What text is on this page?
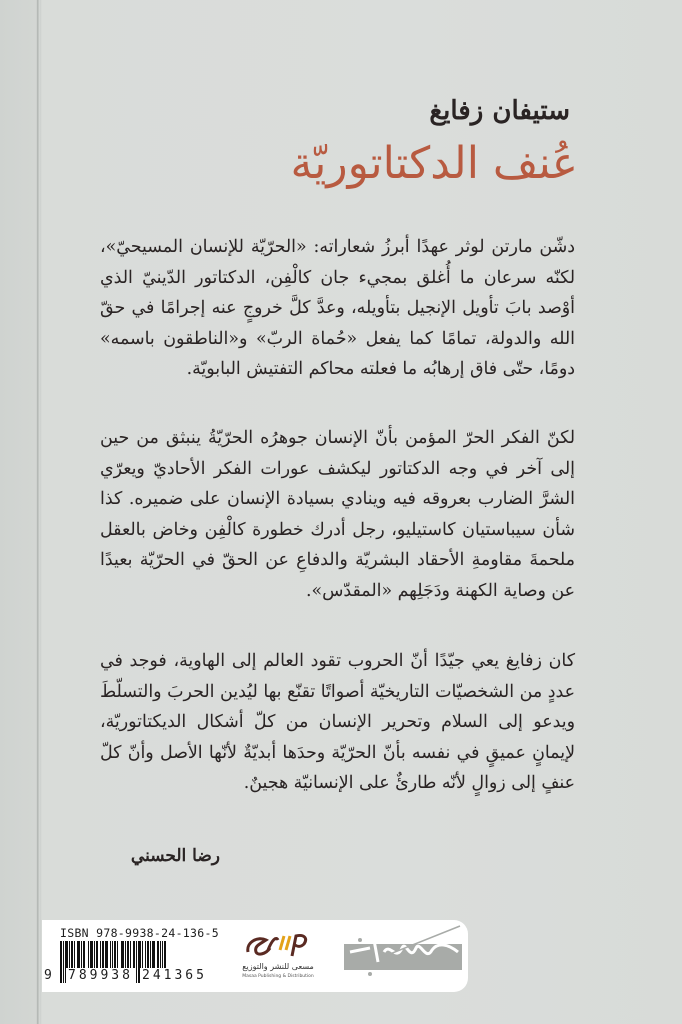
ستيفان زفايغ
عُنف الدكتاتوريّة

دشّن مارتن لوثر عهدًا أبرزُ شعاراته: «الحرّيّة للإنسان المسيحيّ»، لكنّه سرعان ما أُغلق بمجيء جان كالْفِن، الدكتاتور الدّينيّ الذي أوْصد بابَ تأويل الإنجيل بتأويله، وعدَّ كلَّ خروجٍ عنه إجرامًا في حقّ الله والدولة، تمامًا كما يفعل «حُماة الربّ» و«الناطقون باسمه» دومًا، حتّى فاق إرهابُه ما فعلته محاكم التفتيش البابويّة.

لكنّ الفكر الحرّ المؤمن بأنّ الإنسان جوهرُه الحرّيّةُ ينبثق من حين إلى آخر في وجه الدكتاتور ليكشف عورات الفكر الأحاديّ ويعرّي الشرَّ الضارب بعروقه فيه وينادي بسيادة الإنسان على ضميره. كذا شأن سيباستيان كاستيليو، رجل أدرك خطورة كالْفِن وخاض بالعقل ملحمةَ مقاومةِ الأحقاد البشريّة والدفاعِ عن الحقّ في الحرّيّة بعيدًا عن وصاية الكهنة ودَجَلِهم «المقدّس».

كان زفايغ يعي جيّدًا أنّ الحروب تقود العالم إلى الهاوية، فوجد في عددٍ من الشخصيّات التاريخيّة أصواتًا تقنّع بها ليُدين الحربَ والتسلّطَ ويدعو إلى السلام وتحرير الإنسان من كلّ أشكال الديكتاتوريّة، لإيمانٍ عميقٍ في نفسه بأنّ الحرّيّة وحدَها أبديّةٌ لأنّها الأصل وأنّ كلّ عنفٍ إلى زوالٍ لأنّه طارئٌ على الإنسانيّة هجينٌ.

رضا الحسني
ISBN 978-9938-24-136-5
9 789938 241365
مسعى للنشر والتوزيع
Masaa Publishing & Distribution
